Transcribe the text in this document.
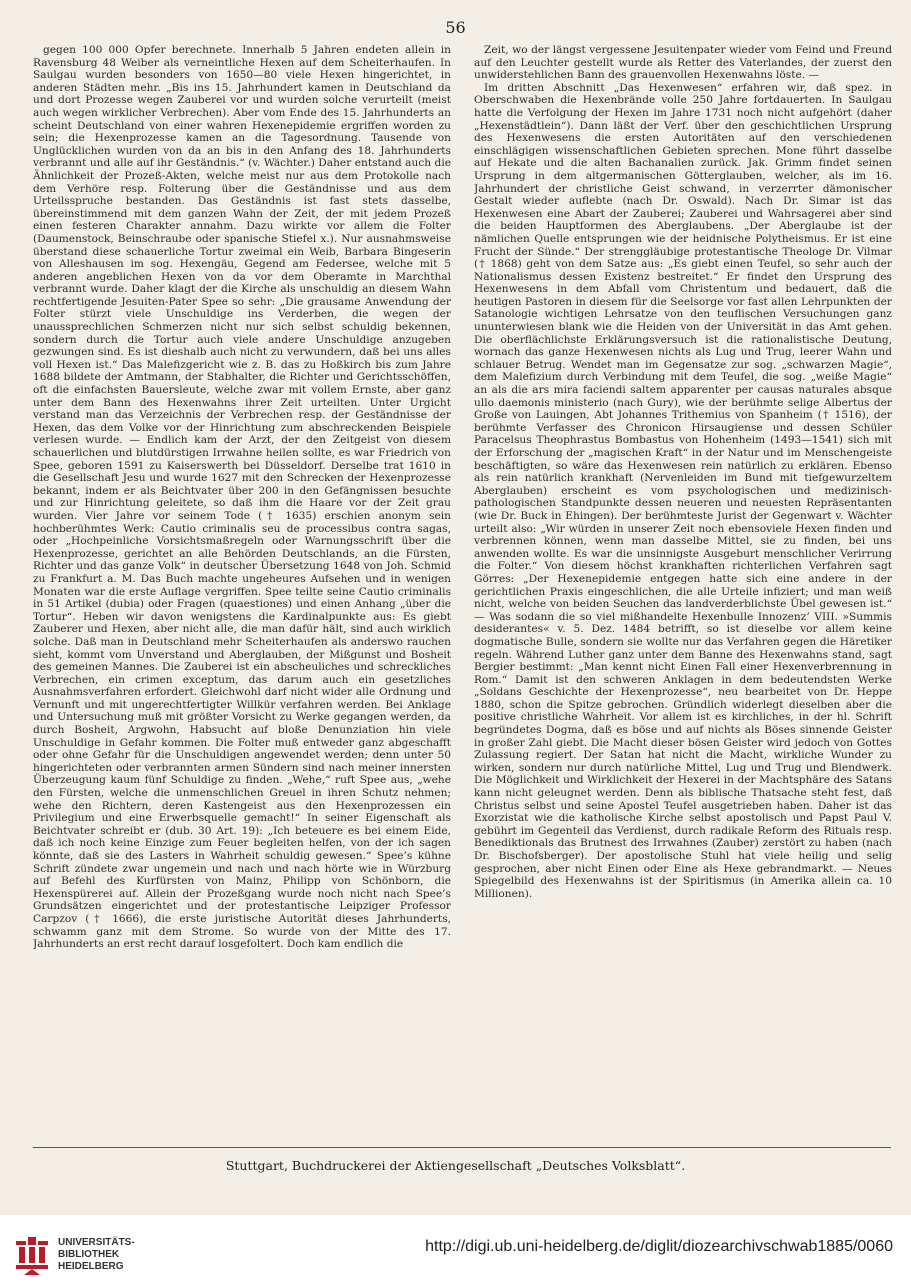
56

gegen 100 000 Opfer berechnete. Innerhalb 5 Jahren endeten allein in Ravensburg 48 Weiber als verneintliche Hexen auf dem Scheiterhaufen. In Saulgau wurden besonders von 1650—80 viele Hexen hingerichtet, in anderen Städten mehr. „Bis ins 15. Jahrhundert kamen in Deutschland da und dort Prozesse wegen Zauberei vor und wurden solche verurteilt (meist auch wegen wirklicher Verbrechen). Aber vom Ende des 15. Jahrhunderts an scheint Deutschland von einer wahren Hexenepidemie ergriffen worden zu sein; die Hexenprozesse kamen an die Tagesordnung. Tausende von Unglücklichen wurden von da an bis in den Anfang des 18. Jahrhunderts verbrannt und alle auf ihr Geständnis.“ (v. Wächter.) Daher entstand auch die Ähnlichkeit der Prozeß-Akten, welche meist nur aus dem Protokolle nach dem Verhöre resp. Folterung über die Geständnisse und aus dem Urteilsspruche bestanden. Das Geständnis ist fast stets dasselbe, übereinstimmend mit dem ganzen Wahn der Zeit, der mit jedem Prozeß einen festeren Charakter annahm. Dazu wirkte vor allem die Folter (Daumenstock, Beinschraube oder spanische Stiefel x.). Nur ausnahmsweise überstand diese schauerliche Tortur zweimal ein Weib, Barbara Bingeserin von Alleshausen im sog. Hexengäu, Gegend am Federsee, welche mit 5 anderen angeblichen Hexen von da vor dem Oberamte in Marchthal verbrannt wurde. Daher klagt der die Kirche als unschuldig an diesem Wahn rechtfertigende Jesuiten-Pater Spee so sehr: „Die grausame Anwendung der Folter stürzt viele Unschuldige ins Verderben, die wegen der unaussprechlichen Schmerzen nicht nur sich selbst schuldig bekennen, sondern durch die Tortur auch viele andere Unschuldige anzugeben gezwungen sind. Es ist dieshalb auch nicht zu verwundern, daß bei uns alles voll Hexen ist.“ Das Malefizgericht wie z. B. das zu Hoßkirch bis zum Jahre 1688 bildete der Amtmann, der Stabhalter, die Richter und Gerichtsschöffen, oft die einfachsten Bauersleute, welche zwar mit vollem Ernste, aber ganz unter dem Bann des Hexenwahns ihrer Zeit urteilten. Unter Urgicht verstand man das Verzeichnis der Verbrechen resp. der Geständnisse der Hexen, das dem Volke vor der Hinrichtung zum abschreckenden Beispiele verlesen wurde. — Endlich kam der Arzt, der den Zeitgeist von diesem schauerlichen und blutdürstigen Irrwahne heilen sollte, es war Friedrich von Spee, geboren 1591 zu Kaiserswerth bei Düsseldorf. Derselbe trat 1610 in die Gesellschaft Jesu und wurde 1627 mit den Schrecken der Hexenprozesse bekannt, indem er als Beichtvater über 200 in den Gefängnissen besuchte und zur Hinrichtung geleitete, so daß ihm die Haare vor der Zeit grau wurden. Vier Jahre vor seinem Tode († 1635) erschien anonym sein hochberühmtes Werk: Cautio criminalis seu de processibus contra sagas, oder „Hochpeinliche Vorsichtsmaßregeln oder Warnungsschrift über die Hexenprozesse, gerichtet an alle Behörden Deutschlands, an die Fürsten, Richter und das ganze Volk“ in deutscher Übersetzung 1648 von Joh. Schmid zu Frankfurt a. M. Das Buch machte ungeheures Aufsehen und in wenigen Monaten war die erste Auflage vergriffen. Spee teilte seine Cautio criminalis in 51 Artikel (dubia) oder Fragen (quaestiones) und einen Anhang „über die Tortur“. Heben wir davon wenigstens die Kardinalpunkte aus: Es giebt Zauberer und Hexen, aber nicht alle, die man dafür hält, sind auch wirklich solche. Daß man in Deutschland mehr Scheiterhaufen als anderswo rauchen sieht, kommt vom Unverstand und Aberglauben, der Mißgunst und Bosheit des gemeinen Mannes. Die Zauberei ist ein abscheuliches und schreckliches Verbrechen, ein crimen exceptum, das darum auch ein gesetzliches Ausnahmsverfahren erfordert. Gleichwohl darf nicht wider alle Ordnung und Vernunft und mit ungerechtfertigter Willkür verfahren werden. Bei Anklage und Untersuchung muß mit größter Vorsicht zu Werke gegangen werden, da durch Bosheit, Argwohn, Habsucht auf bloße Denunziation hin viele Unschuldige in Gefahr kommen. Die Folter muß entweder ganz abgeschafft oder ohne Gefahr für die Unschuldigen angewendet werden; denn unter 50 hingerichteten oder verbrannten armen Sündern sind nach meiner innersten Überzeugung kaum fünf Schuldige zu finden. „Wehe,“ ruft Spee aus, „wehe den Fürsten, welche die unmenschlichen Greuel in ihren Schutz nehmen; wehe den Richtern, deren Kastengeist aus den Hexenprozessen ein Privilegium und eine Erwerbsquelle gemacht!“ In seiner Eigenschaft als Beichtvater schreibt er (dub. 30 Art. 19): „Ich beteuere es bei einem Eide, daß ich noch keine Einzige zum Feuer begleiten helfen, von der ich sagen könnte, daß sie des Lasters in Wahrheit schuldig gewesen.“ Spee’s kühne Schrift zündete zwar ungemein und nach und nach hörte wie in Würzburg auf Befehl des Kurfürsten von Mainz, Philipp von Schönborn, die Hexenspürerei auf. Allein der Prozeßgang wurde noch nicht nach Spee’s Grundsätzen eingerichtet und der protestantische Leipziger Professor Carpzov († 1666), die erste juristische Autorität dieses Jahrhunderts, schwamm ganz mit dem Strome. So wurde von der Mitte des 17. Jahrhunderts an erst recht darauf losgefoltert. Doch kam endlich die

Zeit, wo der längst vergessene Jesuitenpater wieder vom Feind und Freund auf den Leuchter gestellt wurde als Retter des Vaterlandes, der zuerst den unwiderstehlichen Bann des grauenvollen Hexenwahns löste. —

Im dritten Abschnitt „Das Hexenwesen“ erfahren wir, daß spez. in Oberschwaben die Hexenbrände volle 250 Jahre fortdauerten. In Saulgau hatte die Verfolgung der Hexen im Jahre 1731 noch nicht aufgehört (daher „Hexenstädtlein“). Dann läßt der Verf. über den geschichtlichen Ursprung des Hexenwesens die ersten Autoritäten auf den verschiedenen einschlägigen wissenschaftlichen Gebieten sprechen. Mone führt dasselbe auf Hekate und die alten Bachanalien zurück. Jak. Grimm findet seinen Ursprung in dem altgermanischen Götterglauben, welcher, als im 16. Jahrhundert der christliche Geist schwand, in verzerrter dämonischer Gestalt wieder auflebte (nach Dr. Oswald). Nach Dr. Simar ist das Hexenwesen eine Abart der Zauberei; Zauberei und Wahrsagerei aber sind die beiden Hauptformen des Aberglaubens. „Der Aberglaube ist der nämlichen Quelle entsprungen wie der heidnische Polytheismus. Er ist eine Frucht der Sünde.“ Der strenggläubige protestantische Theologe Dr. Vilmar († 1868) geht von dem Satze aus: „Es giebt einen Teufel, so sehr auch der Nationalismus dessen Existenz bestreitet.“ Er findet den Ursprung des Hexenwesens in dem Abfall vom Christentum und bedauert, daß die heutigen Pastoren in diesem für die Seelsorge vor fast allen Lehrpunkten der Satanologie wichtigen Lehrsatze von den teuflischen Versuchungen ganz ununterwiesen blank wie die Heiden von der Universität in das Amt gehen. Die oberflächlichste Erklärungsversuch ist die rationalistische Deutung, wornach das ganze Hexenwesen nichts als Lug und Trug, leerer Wahn und schlauer Betrug. Wendet man im Gegensatze zur sog. „schwarzen Magie“, dem Malefizium durch Verbindung mit dem Teufel, die sog. „weiße Magie“ an als die ars mira faciendi saltem apparenter per causas naturales absque ullo daemonis ministerio (nach Gury), wie der berühmte selige Albertus der Große von Lauingen, Abt Johannes Trithemius von Spanheim († 1516), der berühmte Verfasser des Chronicon Hirsaugiense und dessen Schüler Paracelsus Theophrastus Bombastus von Hohenheim (1493—1541) sich mit der Erforschung der „magischen Kraft“ in der Natur und im Menschengeiste beschäftigten, so wäre das Hexenwesen rein natürlich zu erklären. Ebenso als rein natürlich krankhaft (Nervenleiden im Bund mit tiefgewurzeltem Aberglauben) erscheint es vom psychologischen und medizinisch-pathologischen Standpunkte dessen neueren und neuesten Repräsentanten (wie Dr. Buck in Ehingen). Der berühmteste Jurist der Gegenwart v. Wächter urteilt also: „Wir würden in unserer Zeit noch ebensoviele Hexen finden und verbrennen können, wenn man dasselbe Mittel, sie zu finden, bei uns anwenden wollte. Es war die unsinnigste Ausgeburt menschlicher Verirrung die Folter.“ Von diesem höchst krankhaften richterlichen Verfahren sagt Görres: „Der Hexenepidemie entgegen hatte sich eine andere in der gerichtlichen Praxis eingeschlichen, die alle Urteile infiziert; und man weiß nicht, welche von beiden Seuchen das landverderblichste Übel gewesen ist.“ — Was sodann die so viel mißhandelte Hexenbulle Innozenz’ VIII. »Summis desiderantes« v. 5. Dez. 1484 betrifft, so ist dieselbe vor allem keine dogmatische Bulle, sondern sie wollte nur das Verfahren gegen die Häretiker regeln. Während Luther ganz unter dem Banne des Hexenwahns stand, sagt Bergier bestimmt: „Man kennt nicht Einen Fall einer Hexenverbrennung in Rom.“ Damit ist den schweren Anklagen in dem bedeutendsten Werke „Soldans Geschichte der Hexenprozesse“, neu bearbeitet von Dr. Heppe 1880, schon die Spitze gebrochen. Gründlich widerlegt dieselben aber die positive christliche Wahrheit. Vor allem ist es kirchliches, in der hl. Schrift begründetes Dogma, daß es böse und auf nichts als Böses sinnende Geister in großer Zahl giebt. Die Macht dieser bösen Geister wird jedoch von Gottes Zulassung regiert. Der Satan hat nicht die Macht, wirkliche Wunder zu wirken, sondern nur durch natürliche Mittel, Lug und Trug und Blendwerk. Die Möglichkeit und Wirklichkeit der Hexerei in der Machtsphäre des Satans kann nicht geleugnet werden. Denn als biblische Thatsache steht fest, daß Christus selbst und seine Apostel Teufel ausgetrieben haben. Daher ist das Exorzistat wie die katholische Kirche selbst apostolisch und Papst Paul V. gebührt im Gegenteil das Verdienst, durch radikale Reform des Rituals resp. Benediktionals das Brutnest des Irrwahnes (Zauber) zerstört zu haben (nach Dr. Bischofsberger). Der apostolische Stuhl hat viele heilig und selig gesprochen, aber nicht Einen oder Eine als Hexe gebrandmarkt. — Neues Spiegelbild des Hexenwahns ist der Spiritismus (in Amerika allein ca. 10 Millionen).

Stuttgart, Buchdruckerei der Aktiengesellschaft „Deutsches Volksblatt“.
UNIVERSITÄTS-
BIBLIOTHEK
HEIDELBERG
http://digi.ub.uni-heidelberg.de/diglit/diozearchivschwab1885/0060
